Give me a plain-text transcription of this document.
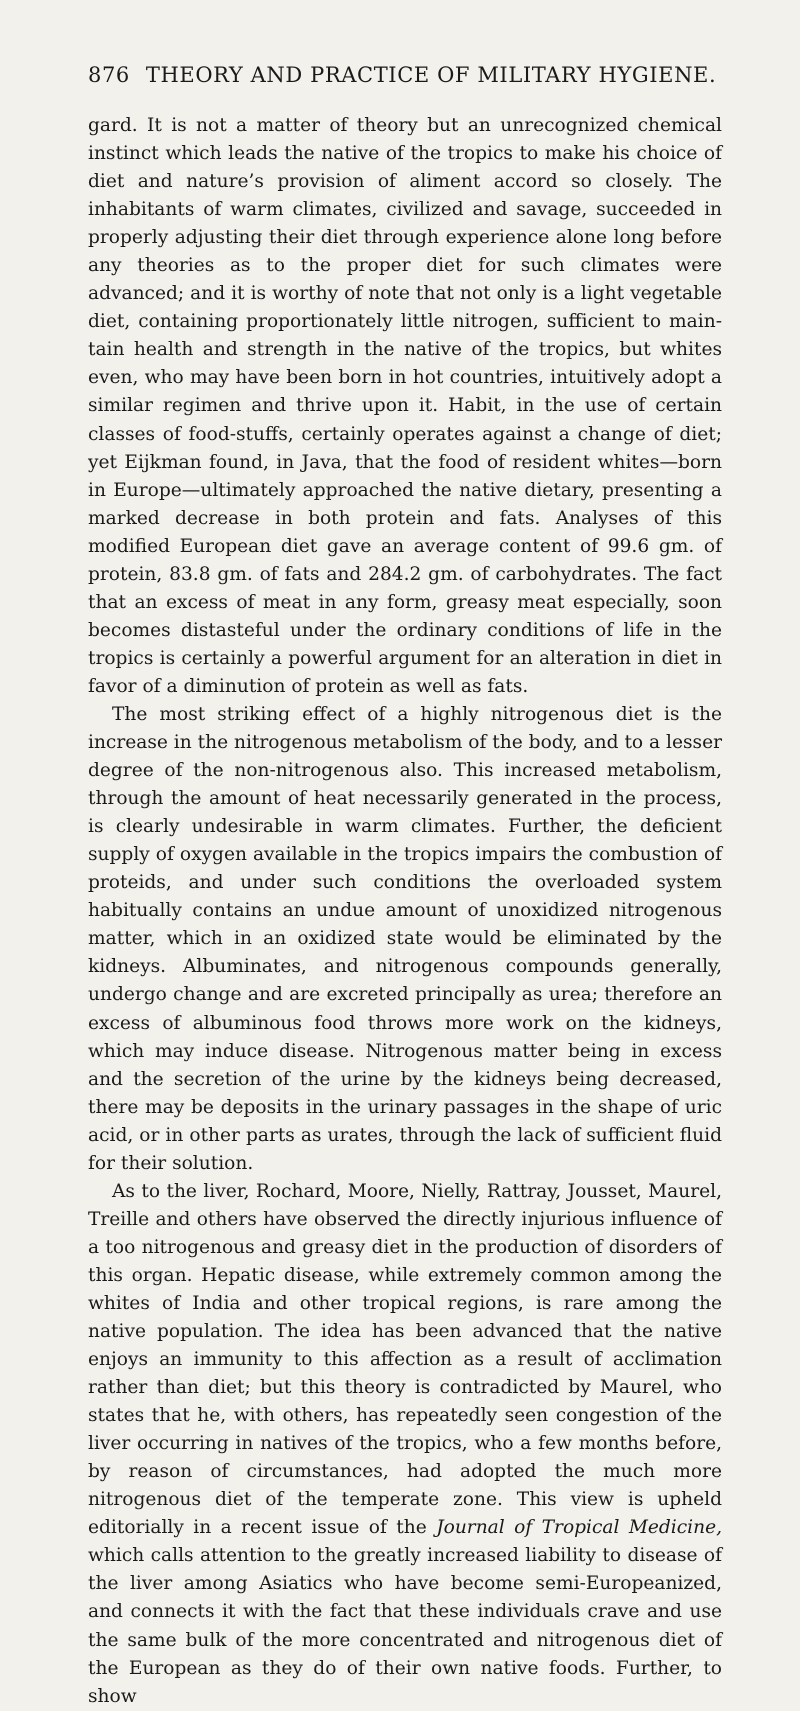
876 THEORY AND PRACTICE OF MILITARY HYGIENE.

gard. It is not a matter of theory but an unrecognized chemical instinct which leads the native of the tropics to make his choice of diet and nature’s provision of aliment accord so closely. The inhabitants of warm climates, civilized and savage, succeeded in properly adjusting their diet through experience alone long before any theories as to the proper diet for such climates were advanced; and it is worthy of note that not only is a light vegetable diet, containing proportionately little nitrogen, sufficient to maintain health and strength in the native of the tropics, but whites even, who may have been born in hot countries, intuitively adopt a similar regimen and thrive upon it. Habit, in the use of certain classes of food-stuffs, certainly operates against a change of diet; yet Eijkman found, in Java, that the food of resident whites—born in Europe—ultimately approached the native dietary, presenting a marked decrease in both protein and fats. Analyses of this modified European diet gave an average content of 99.6 gm. of protein, 83.8 gm. of fats and 284.2 gm. of carbohydrates. The fact that an excess of meat in any form, greasy meat especially, soon becomes distasteful under the ordinary conditions of life in the tropics is certainly a powerful argument for an alteration in diet in favor of a diminution of protein as well as fats.

The most striking effect of a highly nitrogenous diet is the increase in the nitrogenous metabolism of the body, and to a lesser degree of the non-nitrogenous also. This increased metabolism, through the amount of heat necessarily generated in the process, is clearly undesirable in warm climates. Further, the deficient supply of oxygen available in the tropics impairs the combustion of proteids, and under such conditions the overloaded system habitually contains an undue amount of unoxidized nitrogenous matter, which in an oxidized state would be eliminated by the kidneys. Albuminates, and nitrogenous compounds generally, undergo change and are excreted principally as urea; therefore an excess of albuminous food throws more work on the kidneys, which may induce disease. Nitrogenous matter being in excess and the secretion of the urine by the kidneys being decreased, there may be deposits in the urinary passages in the shape of uric acid, or in other parts as urates, through the lack of sufficient fluid for their solution.

As to the liver, Rochard, Moore, Nielly, Rattray, Jousset, Maurel, Treille and others have observed the directly injurious influence of a too nitrogenous and greasy diet in the production of disorders of this organ. Hepatic disease, while extremely common among the whites of India and other tropical regions, is rare among the native population. The idea has been advanced that the native enjoys an immunity to this affection as a result of acclimation rather than diet; but this theory is contradicted by Maurel, who states that he, with others, has repeatedly seen congestion of the liver occurring in natives of the tropics, who a few months before, by reason of circumstances, had adopted the much more nitrogenous diet of the temperate zone. This view is upheld editorially in a recent issue of the Journal of Tropical Medicine, which calls attention to the greatly increased liability to disease of the liver among Asiatics who have become semi-Europeanized, and connects it with the fact that these individuals crave and use the same bulk of the more concentrated and nitrogenous diet of the European as they do of their own native foods. Further, to show
